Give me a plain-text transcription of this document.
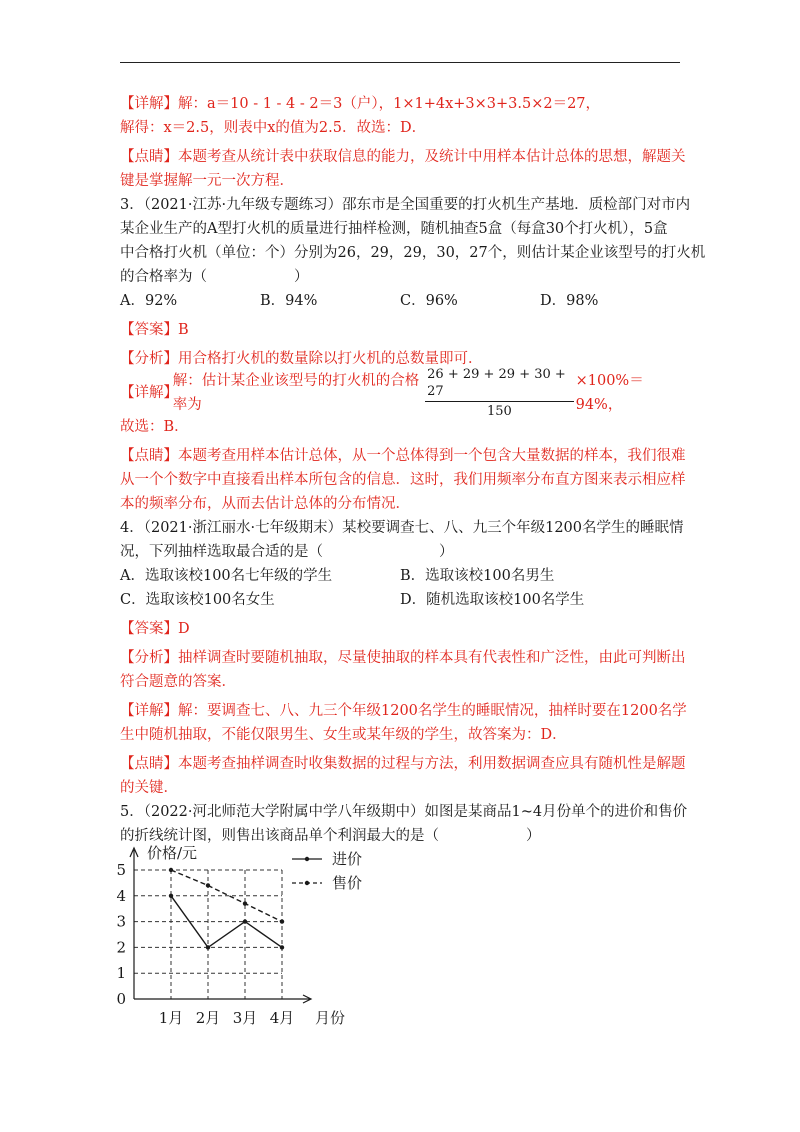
【详解】解：a＝10 - 1 - 4 - 2＝3（户），1×1+4x+3×3+3.5×2＝27，
解得：x＝2.5，则表中x的值为2.5．故选：D．
【点睛】本题考查从统计表中获取信息的能力，及统计中用样本估计总体的思想，解题关
键是掌握解一元一次方程．
3．（2021·江苏·九年级专题练习）邵东市是全国重要的打火机生产基地．质检部门对市内
某企业生产的A型打火机的质量进行抽样检测，随机抽查5盒（每盒30个打火机），5盒
中合格打火机（单位：个）分别为26，29，29，30，27个，则估计某企业该型号的打火机
的合格率为（　　　　　　）
A．92%	B．94%	C．96%	D．98%
【答案】B
【分析】用合格打火机的数量除以打火机的总数量即可．
【详解】
解：估计某企业该型号的打火机的合格率为	$\frac{26 + 29 + 29 + 30 + 27}{150} \times 100\%=94\%$，
故选：B．
【点睛】本题考查用样本估计总体，从一个总体得到一个包含大量数据的样本，我们很难
从一个个数字中直接看出样本所包含的信息．这时，我们用频率分布直方图来表示相应样
本的频率分布，从而去估计总体的分布情况．
4．（2021·浙江丽水·七年级期末）某校要调查七、八、九三个年级1200名学生的睡眠情
况，下列抽样选取最合适的是（　　　　　　　　）
A．选取该校100名七年级的学生	B．选取该校100名男生
C．选取该校100名女生	D．随机选取该校100名学生
【答案】D
【分析】抽样调查时要随机抽取，尽量使抽取的样本具有代表性和广泛性，由此可判断出
符合题意的答案．
【详解】解：要调查七、八、九三个年级1200名学生的睡眠情况，抽样时要在1200名学
生中随机抽取，不能仅限男生、女生或某年级的学生，故答案为：D．
【点睛】本题考查抽样调查时收集数据的过程与方法，利用数据调查应具有随机性是解题
的关键．
5．（2022·河北师范大学附属中学八年级期中）如图是某商品1~4月份单个的进价和售价
的折线统计图，则售出该商品单个利润最大的是（　　　　　　）
0
1
2
3
4
5
1月 2月 3月 4月
进价
售价
价格/元
月份
